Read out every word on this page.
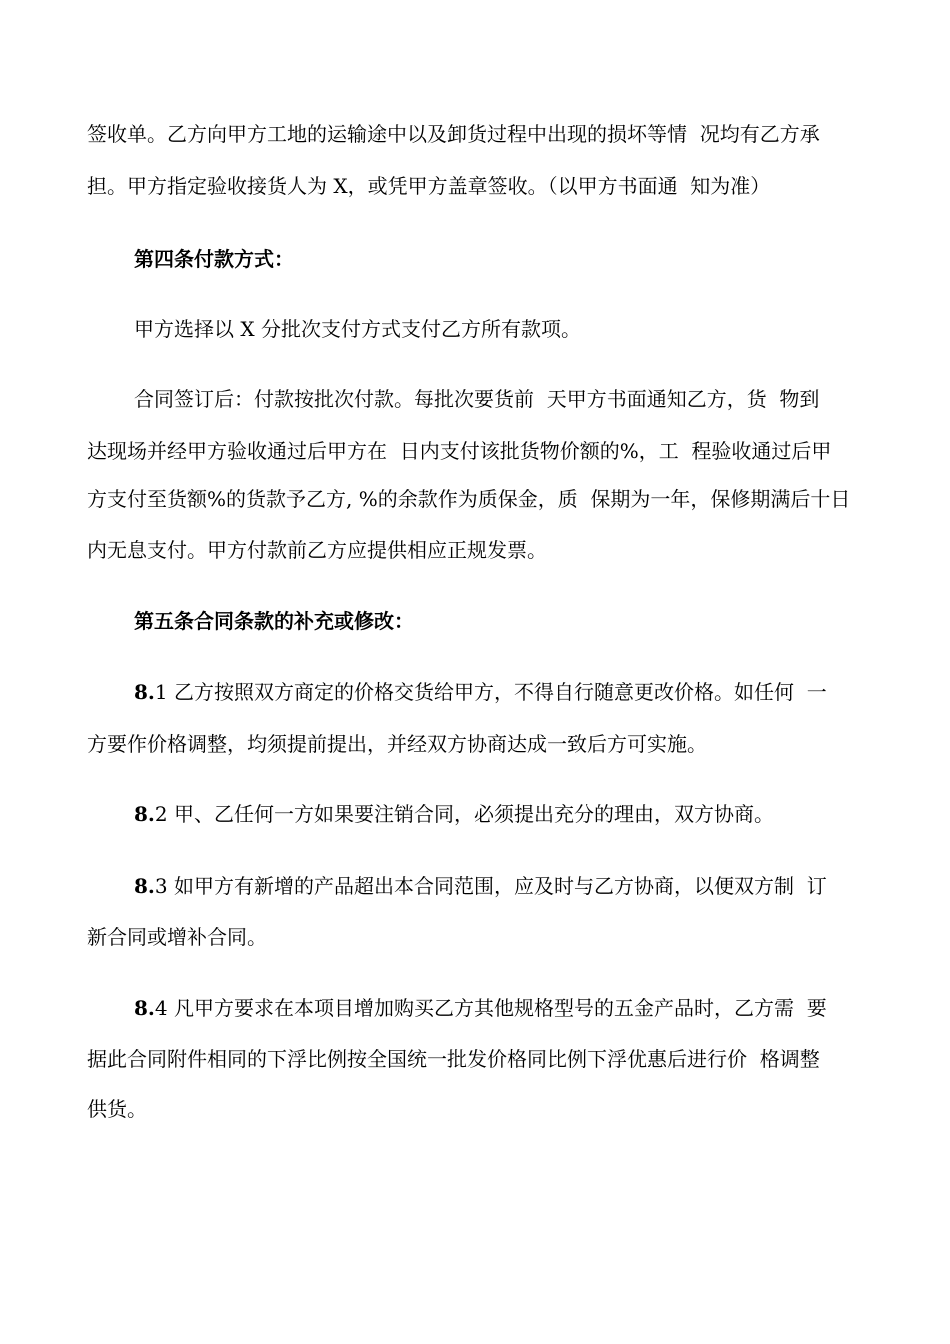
签收单。乙方向甲方工地的运输途中以及卸货过程中出现的损坏等情  况均有乙方承

担。甲方指定验收接货人为 X，或凭甲方盖章签收。（以甲方书面通  知为准）

第四条付款方式：

甲方选择以 X 分批次支付方式支付乙方所有款项。

合同签订后：付款按批次付款。每批次要货前  天甲方书面通知乙方，货  物到

达现场并经甲方验收通过后甲方在  日内支付该批货物价额的%，工  程验收通过后甲

方支付至货额%的货款予乙方, %的余款作为质保金，质  保期为一年，保修期满后十日

内无息支付。甲方付款前乙方应提供相应正规发票。

第五条合同条款的补充或修改：

8.1 乙方按照双方商定的价格交货给甲方，不得自行随意更改价格。如任何  一

方要作价格调整，均须提前提出，并经双方协商达成一致后方可实施。

8.2 甲、乙任何一方如果要注销合同，必须提出充分的理由，双方协商。

8.3 如甲方有新增的产品超出本合同范围，应及时与乙方协商，以便双方制  订

新合同或增补合同。

8.4 凡甲方要求在本项目增加购买乙方其他规格型号的五金产品时，乙方需  要

据此合同附件相同的下浮比例按全国统一批发价格同比例下浮优惠后进行价  格调整

供货。
